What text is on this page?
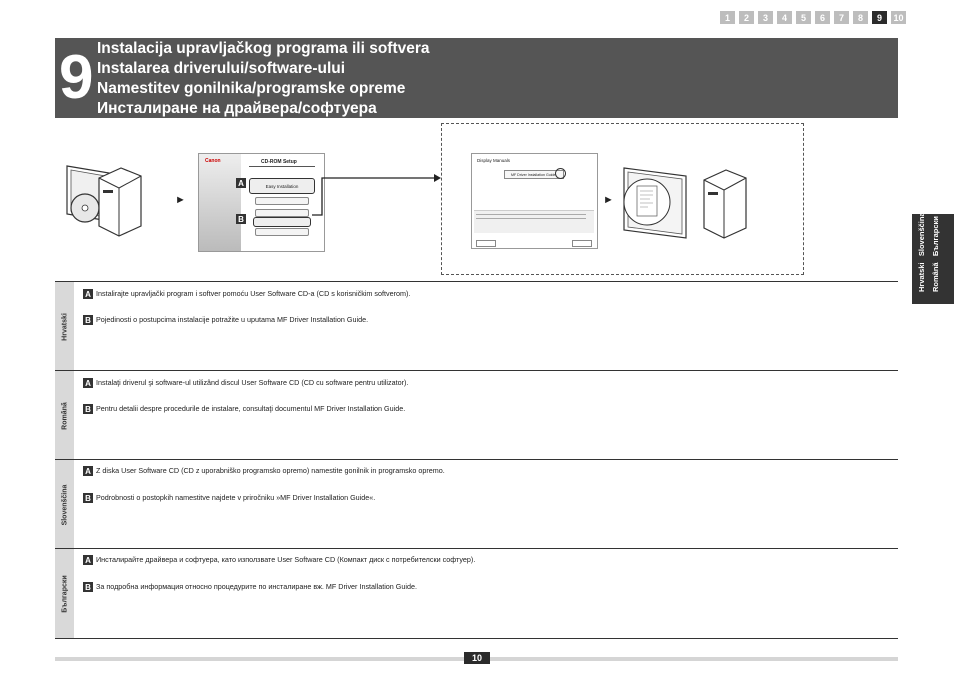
1	2	3	4	5	6	7	8	9	10
9 Instalacija upravljačkog programa ili softvera
Instalarea driverului/software-ului
Namestitev gonilnika/programske opreme
Инсталиране на драйвера/софтуера
►
Canon	CD-ROM Setup
Easy Installation
A
B
Display Manuals
MF Driver Installation Guide
►
Hrvatski   Slovenščina
Română   Български
Hrvatski
A Instalirajte upravljački program i softver pomoću User Software CD-a (CD s korisničkim softverom).
B Pojedinosti o postupcima instalacije potražite u uputama MF Driver Installation Guide.
Română
A Instalaţi driverul şi software-ul utilizând discul User Software CD (CD cu software pentru utilizator).
B Pentru detalii despre procedurile de instalare, consultaţi documentul MF Driver Installation Guide.
Slovenščina
A Z diska User Software CD (CD z uporabniško programsko opremo) namestite gonilnik in programsko opremo.
B Podrobnosti o postopkih namestitve najdete v priročniku »MF Driver Installation Guide«.
Български
A Инсталирайте драйвера и софтуера, като използвате User Software CD (Компакт диск с потребителски софтуер).
B За подробна информация относно процедурите по инсталиране вж. MF Driver Installation Guide.
10
